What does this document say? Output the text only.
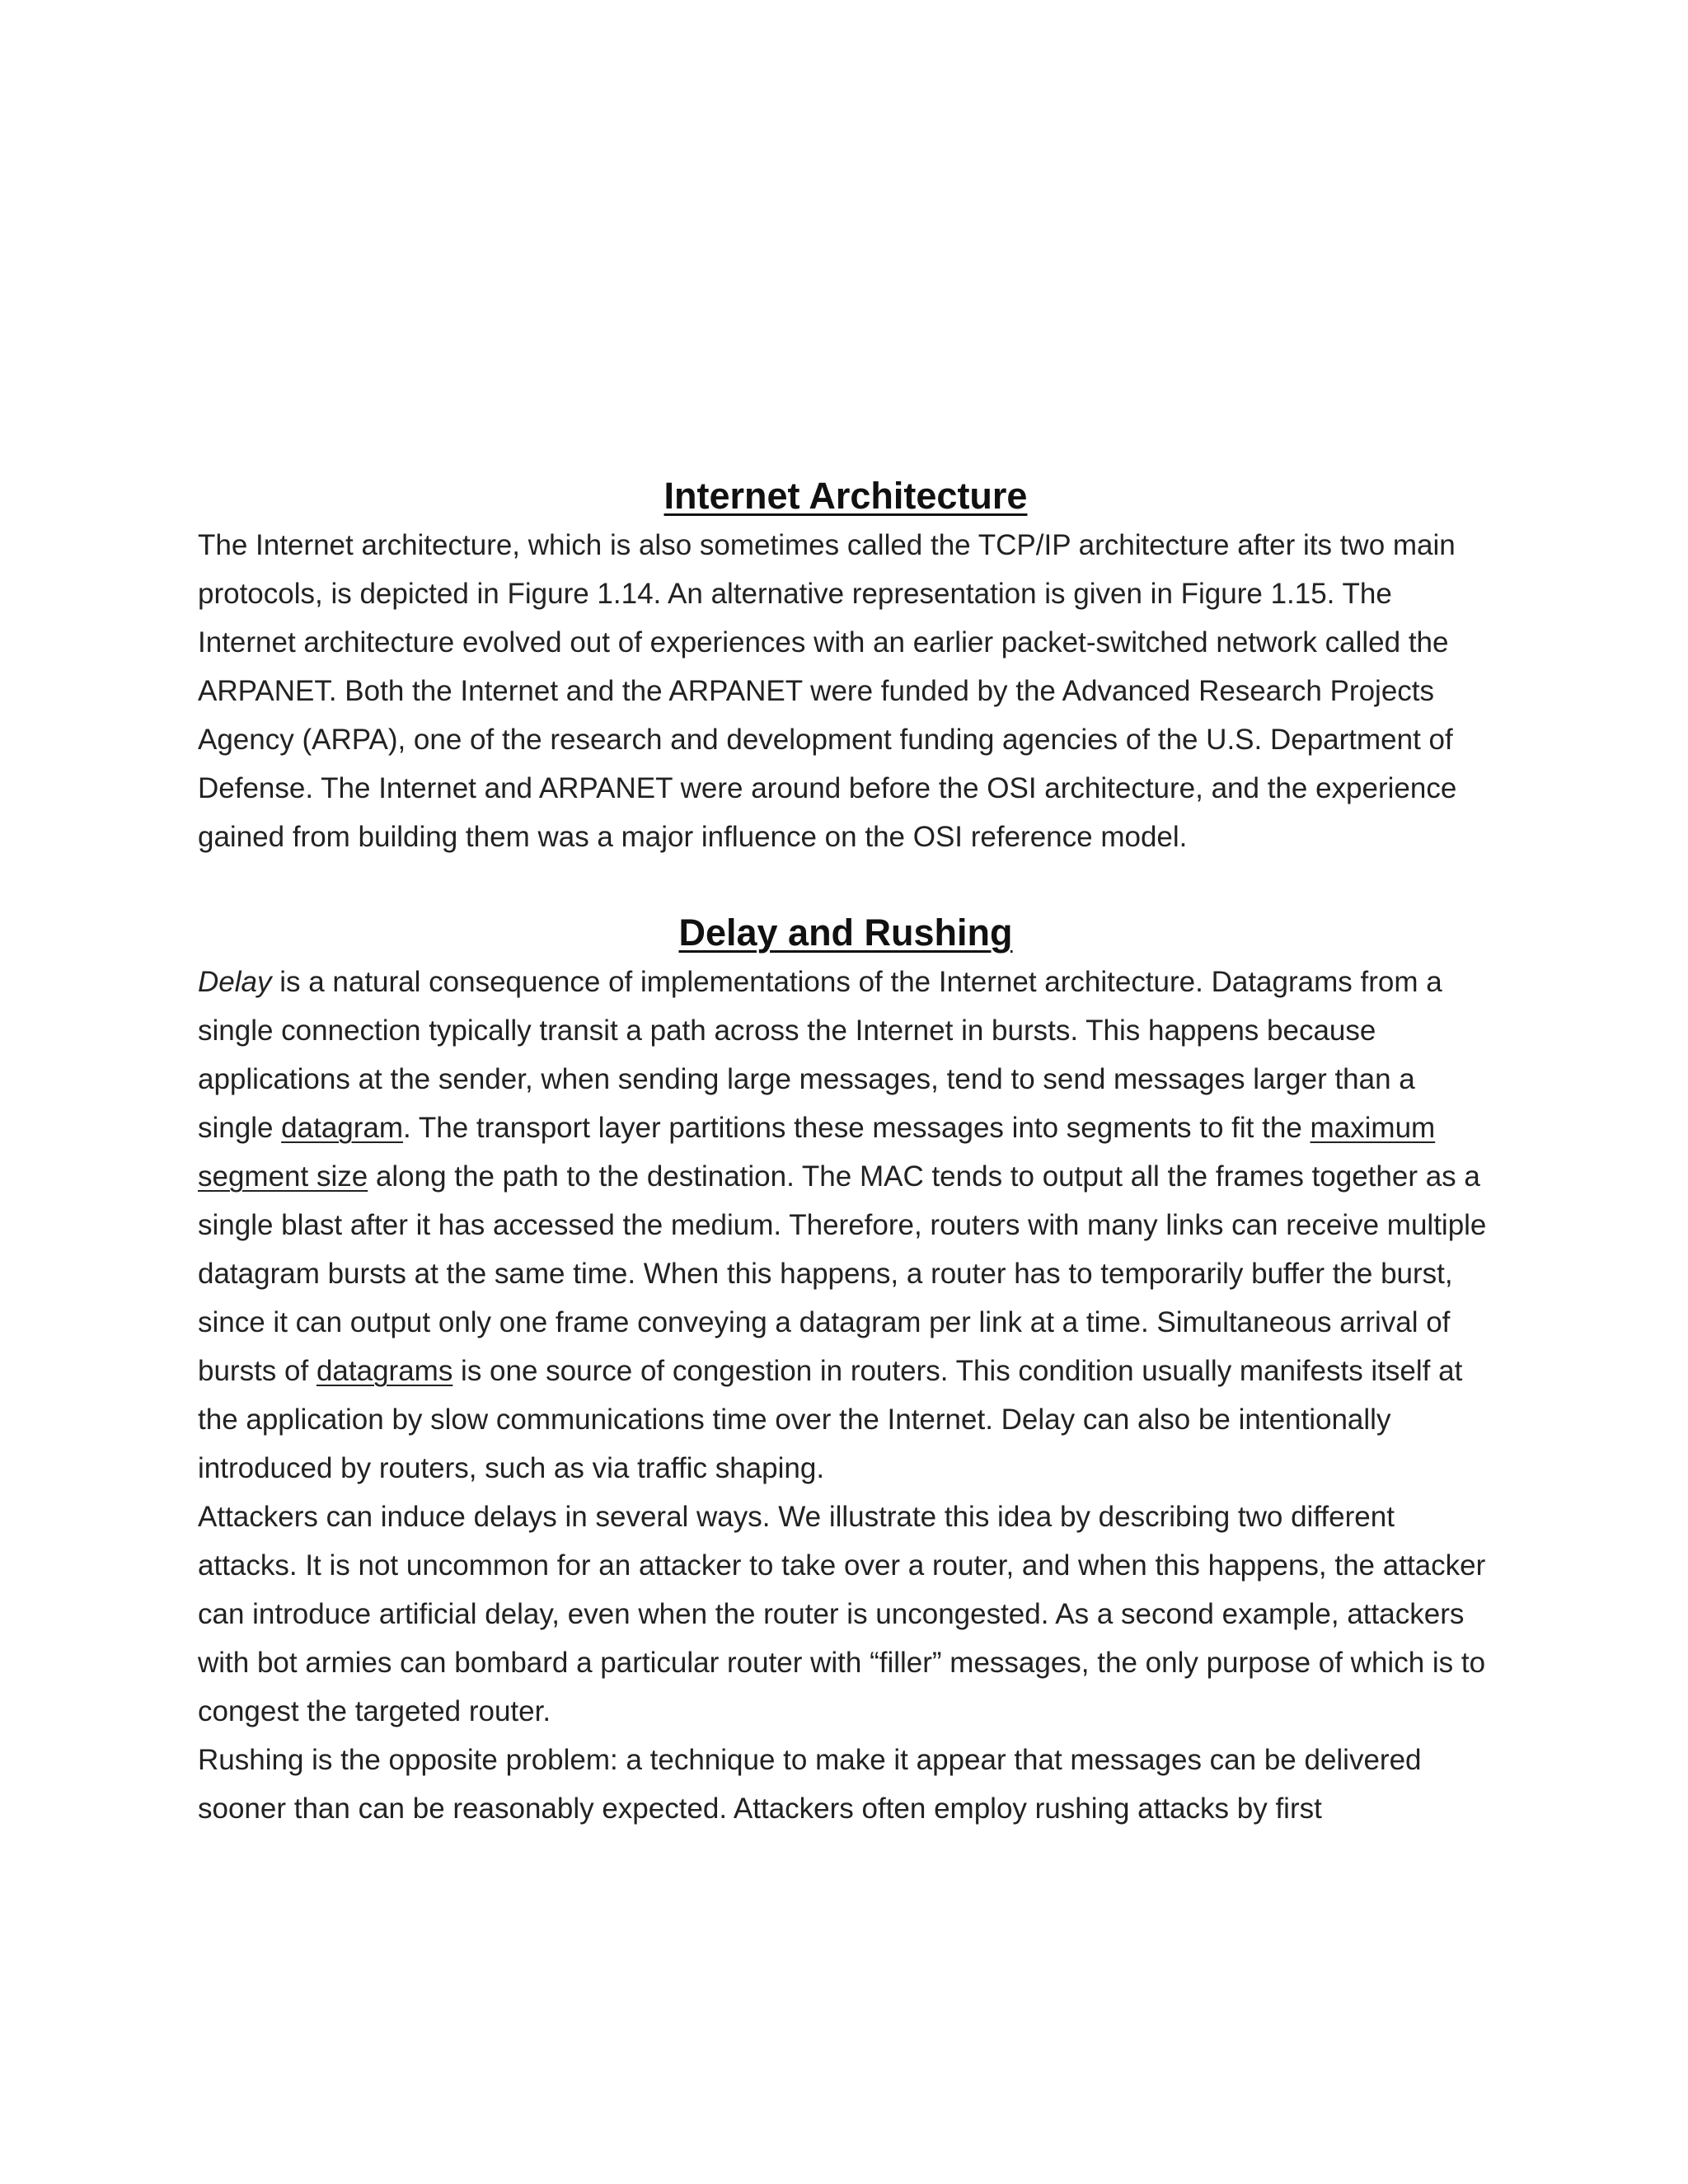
Internet Architecture

The Internet architecture, which is also sometimes called the TCP/IP architecture after its two main protocols, is depicted in Figure 1.14. An alternative representation is given in Figure 1.15. The Internet architecture evolved out of experiences with an earlier packet-switched network called the ARPANET. Both the Internet and the ARPANET were funded by the Advanced Research Projects Agency (ARPA), one of the research and development funding agencies of the U.S. Department of Defense. The Internet and ARPANET were around before the OSI architecture, and the experience gained from building them was a major influence on the OSI reference model.

Delay and Rushing

Delay is a natural consequence of implementations of the Internet architecture. Datagrams from a single connection typically transit a path across the Internet in bursts. This happens because applications at the sender, when sending large messages, tend to send messages larger than a single datagram. The transport layer partitions these messages into segments to fit the maximum segment size along the path to the destination. The MAC tends to output all the frames together as a single blast after it has accessed the medium. Therefore, routers with many links can receive multiple datagram bursts at the same time. When this happens, a router has to temporarily buffer the burst, since it can output only one frame conveying a datagram per link at a time. Simultaneous arrival of bursts of datagrams is one source of congestion in routers. This condition usually manifests itself at the application by slow communications time over the Internet. Delay can also be intentionally introduced by routers, such as via traffic shaping.

Attackers can induce delays in several ways. We illustrate this idea by describing two different attacks. It is not uncommon for an attacker to take over a router, and when this happens, the attacker can introduce artificial delay, even when the router is uncongested. As a second example, attackers with bot armies can bombard a particular router with “filler” messages, the only purpose of which is to congest the targeted router.

Rushing is the opposite problem: a technique to make it appear that messages can be delivered sooner than can be reasonably expected. Attackers often employ rushing attacks by first
